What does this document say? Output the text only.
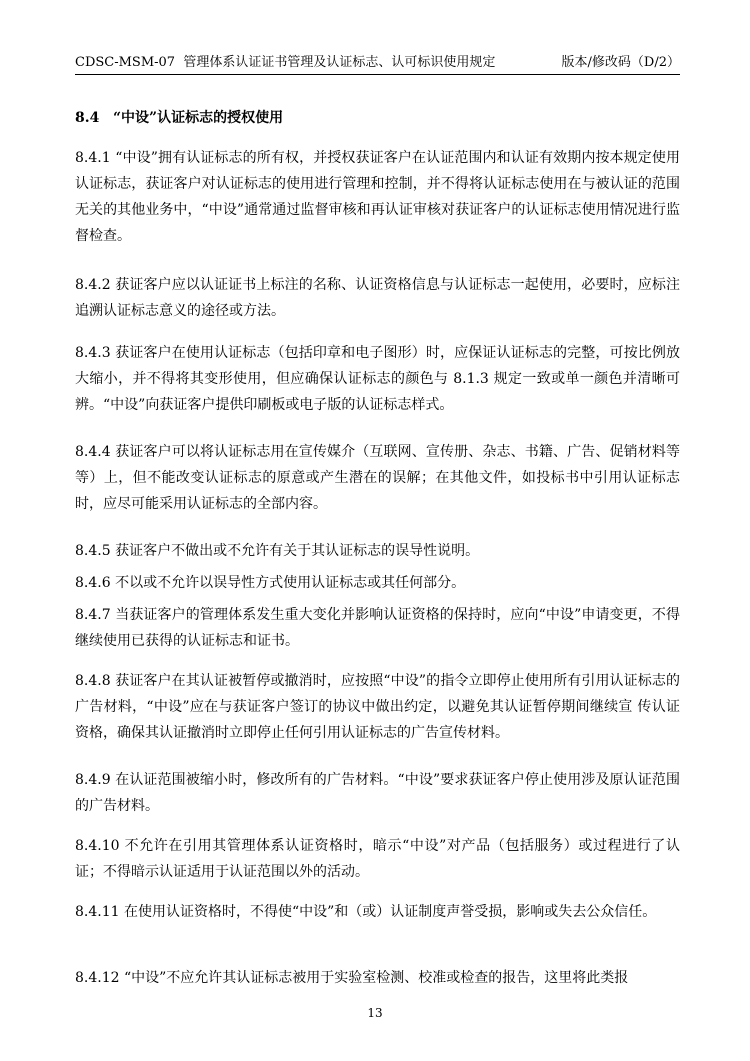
CDSC-MSM-07 管理体系认证证书管理及认证标志、认可标识使用规定	版本/修改码（D/2）
8.4 “中设”认证标志的授权使用
8.4.1 “中设”拥有认证标志的所有权，并授权获证客户在认证范围内和认证有效期内按本规定使用认证标志，获证客户对认证标志的使用进行管理和控制，并不得将认证标志使用在与被认证的范围无关的其他业务中，“中设”通常通过监督审核和再认证审核对获证客户的认证标志使用情况进行监督检查。
8.4.2 获证客户应以认证证书上标注的名称、认证资格信息与认证标志一起使用，必要时，应标注追溯认证标志意义的途径或方法。
8.4.3 获证客户在使用认证标志（包括印章和电子图形）时，应保证认证标志的完整，可按比例放大缩小，并不得将其变形使用，但应确保认证标志的颜色与 8.1.3 规定一致或单一颜色并清晰可辨。“中设”向获证客户提供印刷板或电子版的认证标志样式。
8.4.4 获证客户可以将认证标志用在宣传媒介（互联网、宣传册、杂志、书籍、广告、促销材料等等）上，但不能改变认证标志的原意或产生潜在的误解；在其他文件，如投标书中引用认证标志时，应尽可能采用认证标志的全部内容。
8.4.5 获证客户不做出或不允许有关于其认证标志的误导性说明。
8.4.6 不以或不允许以误导性方式使用认证标志或其任何部分。
8.4.7 当获证客户的管理体系发生重大变化并影响认证资格的保持时，应向“中设”申请变更，不得继续使用已获得的认证标志和证书。
8.4.8 获证客户在其认证被暂停或撤消时，应按照“中设”的指令立即停止使用所有引用认证标志的广告材料，“中设”应在与获证客户签订的协议中做出约定，以避免其认证暂停期间继续宣 传认证资格，确保其认证撤消时立即停止任何引用认证标志的广告宣传材料。
8.4.9 在认证范围被缩小时，修改所有的广告材料。“中设”要求获证客户停止使用涉及原认证范围的广告材料。
8.4.10 不允许在引用其管理体系认证资格时，暗示“中设”对产品（包括服务）或过程进行了认证；不得暗示认证适用于认证范围以外的活动。
8.4.11 在使用认证资格时，不得使“中设”和（或）认证制度声誉受损，影响或失去公众信任。
8.4.12 “中设”不应允许其认证标志被用于实验室检测、校准或检查的报告，这里将此类报
13
